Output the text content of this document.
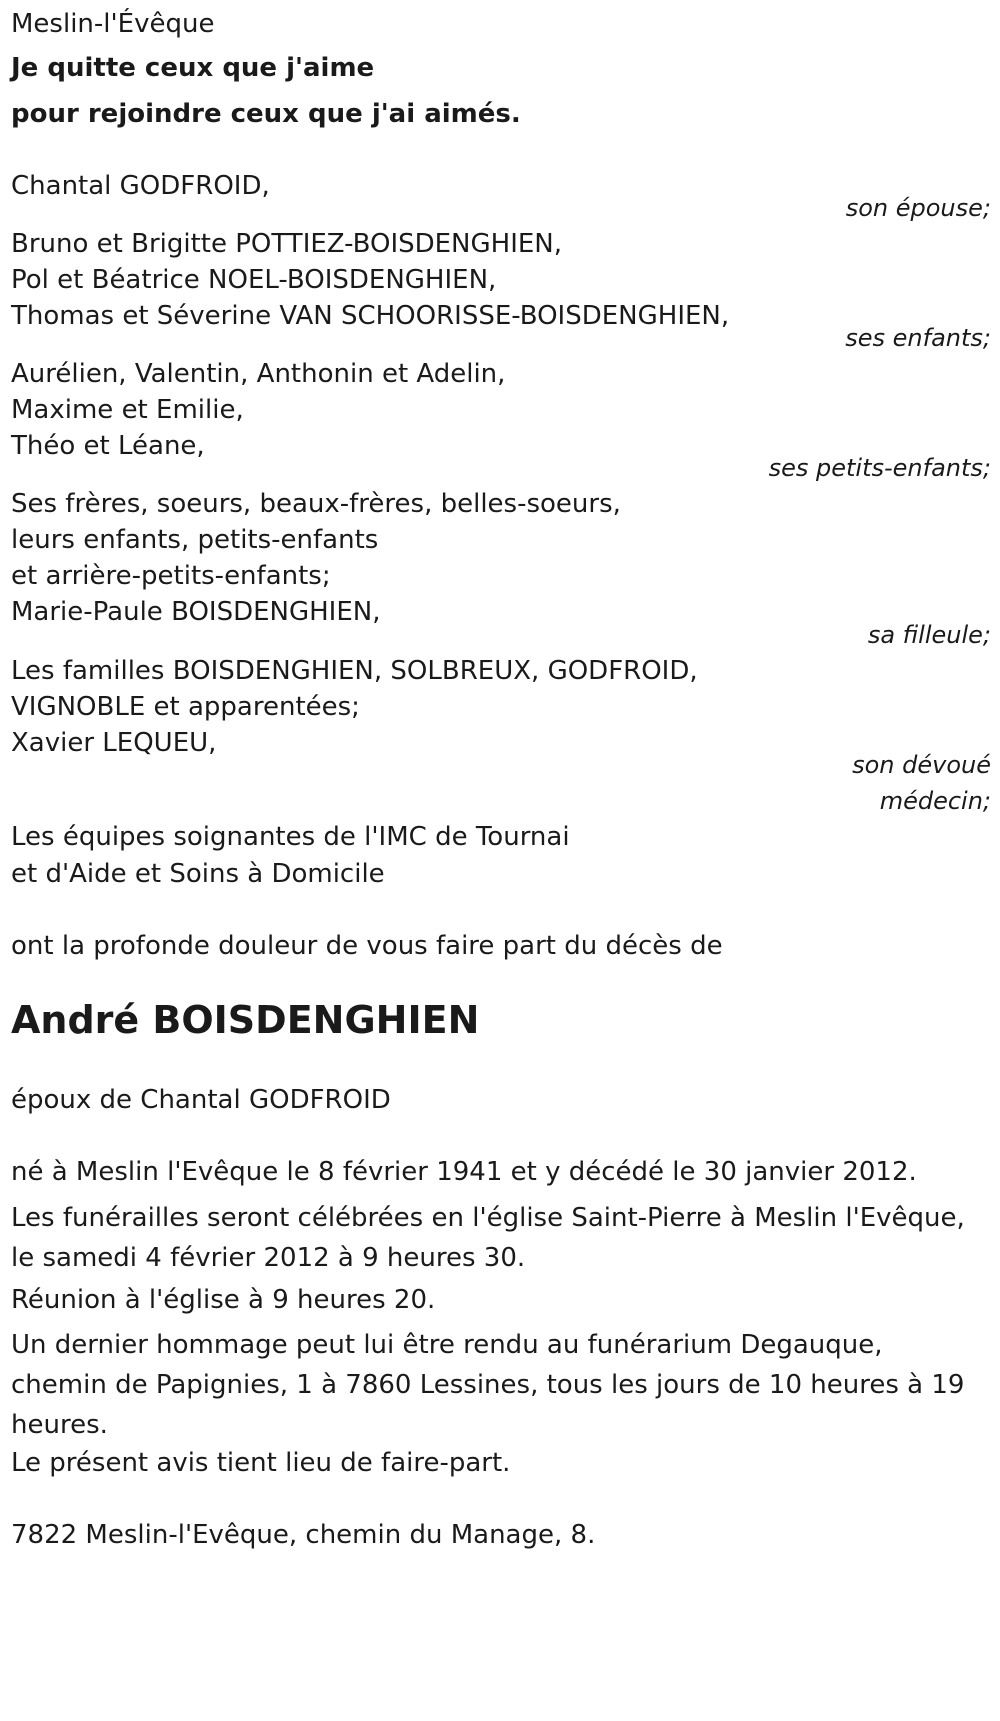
Meslin-l'Évêque
Je quitte ceux que j'aime
pour rejoindre ceux que j'ai aimés.
Chantal GODFROID,
son épouse;
Bruno et Brigitte POTTIEZ-BOISDENGHIEN,
Pol et Béatrice NOEL-BOISDENGHIEN,
Thomas et Séverine VAN SCHOORISSE-BOISDENGHIEN,
ses enfants;
Aurélien, Valentin, Anthonin et Adelin,
Maxime et Emilie,
Théo et Léane,
ses petits-enfants;
Ses frères, soeurs, beaux-frères, belles-soeurs,
leurs enfants, petits-enfants
et arrière-petits-enfants;
Marie-Paule BOISDENGHIEN,
sa filleule;
Les familles BOISDENGHIEN, SOLBREUX, GODFROID,
VIGNOBLE et apparentées;
Xavier LEQUEU,
son dévoué
médecin;
Les équipes soignantes de l'IMC de Tournai
et d'Aide et Soins à Domicile
ont la profonde douleur de vous faire part du décès de
André BOISDENGHIEN
époux de Chantal GODFROID
né à Meslin l'Evêque le 8 février 1941 et y décédé le 30 janvier 2012.
Les funérailles seront célébrées en l'église Saint-Pierre à Meslin l'Evêque, le samedi 4 février 2012 à 9 heures 30.
Réunion à l'église à 9 heures 20.
Un dernier hommage peut lui être rendu au funérarium Degauque, chemin de Papignies, 1 à 7860 Lessines, tous les jours de 10 heures à 19 heures.
Le présent avis tient lieu de faire-part.
7822 Meslin-l'Evêque, chemin du Manage, 8.
